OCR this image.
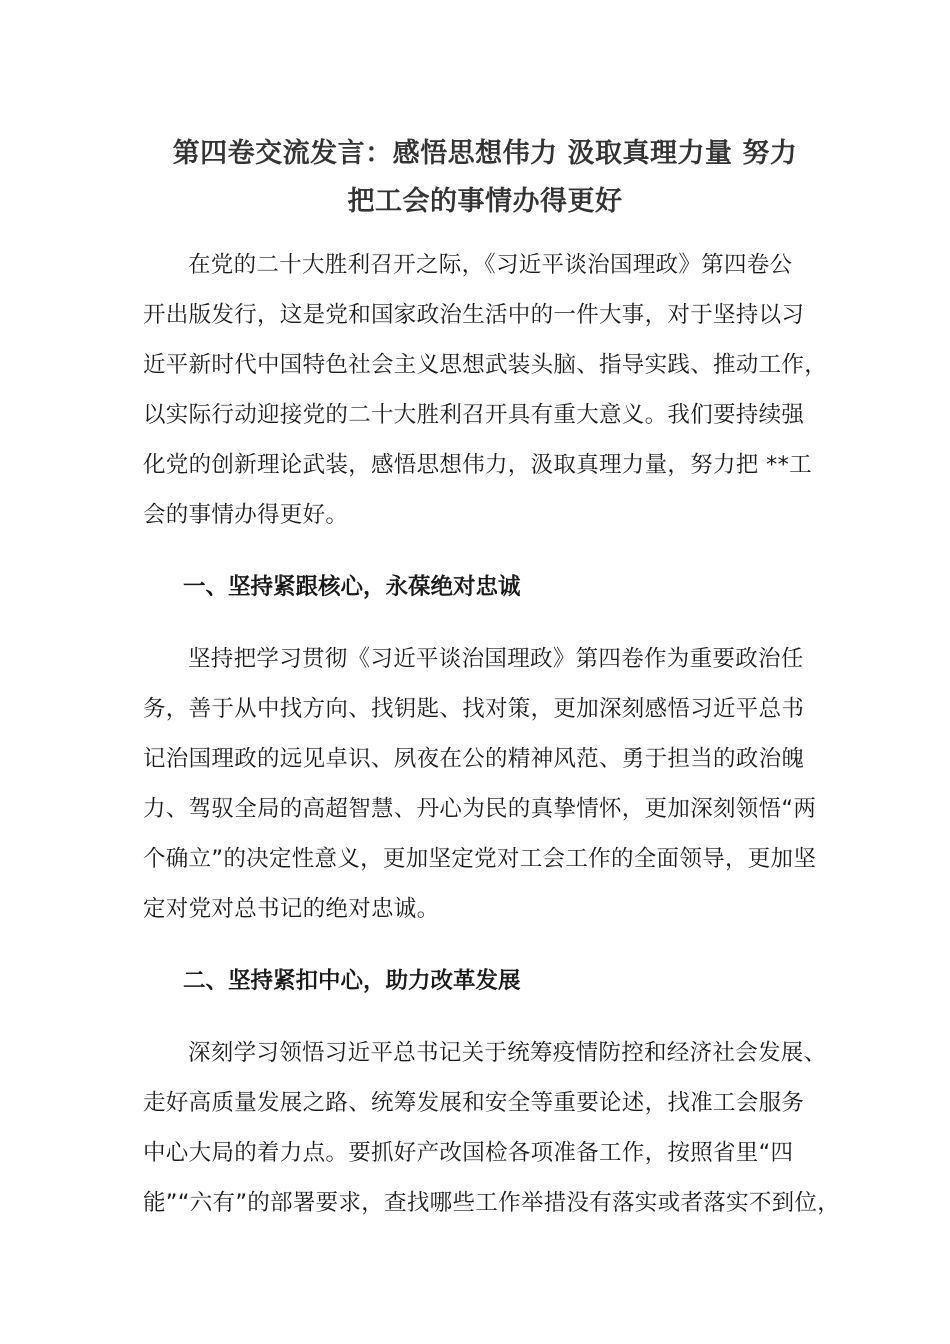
第四卷交流发言：感悟思想伟力 汲取真理力量 努力
把工会的事情办得更好

在党的二十大胜利召开之际，《习近平谈治国理政》第四卷公
开出版发行，这是党和国家政治生活中的一件大事，对于坚持以习
近平新时代中国特色社会主义思想武装头脑、指导实践、推动工作，
以实际行动迎接党的二十大胜利召开具有重大意义。我们要持续强
化党的创新理论武装，感悟思想伟力，汲取真理力量，努力把 **工
会的事情办得更好。

一、坚持紧跟核心，永葆绝对忠诚

坚持把学习贯彻《习近平谈治国理政》第四卷作为重要政治任
务，善于从中找方向、找钥匙、找对策，更加深刻感悟习近平总书
记治国理政的远见卓识、夙夜在公的精神风范、勇于担当的政治魄
力、驾驭全局的高超智慧、丹心为民的真挚情怀，更加深刻领悟“两
个确立”的决定性意义，更加坚定党对工会工作的全面领导，更加坚
定对党对总书记的绝对忠诚。

二、坚持紧扣中心，助力改革发展

深刻学习领悟习近平总书记关于统筹疫情防控和经济社会发展、
走好高质量发展之路、统筹发展和安全等重要论述，找准工会服务
中心大局的着力点。要抓好产改国检各项准备工作，按照省里“四
能”“六有”的部署要求，查找哪些工作举措没有落实或者落实不到位，
